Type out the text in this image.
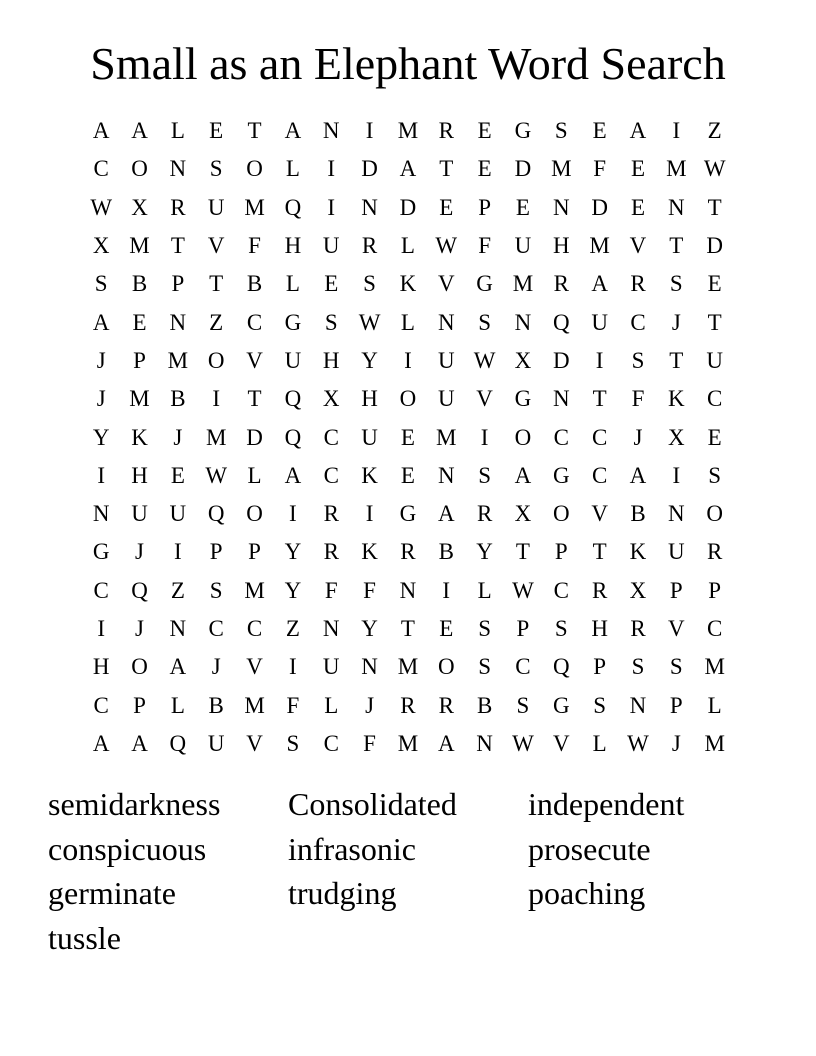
Small as an Elephant Word Search
A A	L	E	T	A N	I	M R	E	G	S	E	A	I	Z
C O N	S	O	L	I	D A	T	E	D M F	E M W
W X R U M Q	I	N D	E	P	E	N D	E	N	T
X M T	V	F	H U R	L W F	U H M V	T	D
S	B	P	T	B	L	E	S	K V G M R A R	S	E
A	E	N	Z	C G	S W L	N	S	N Q U C	J	T
J	P M O V U H Y	I	U W X D	I	S	T	U
J	M B	I	T	Q X H O U V G N	T	F	K C
Y K	J	M D Q C U	E M	I	O C	C	J	X	E
I	H	E W L	A C K	E	N	S	A G C A	I	S
N U U Q O	I	R	I	G A R X O V B N O
G	J	I	P	P	Y R K R	B Y	T	P	T	K U R
C Q	Z	S M Y	F	F	N	I	L W C	R X	P	P
I	J	N C	C	Z	N Y	T	E	S	P	S	H R V C
H O A	J	V	I	U N M O	S	C Q	P	S	S M
C	P	L	B M F	L	J	R	R	B	S	G	S	N	P	L
A A Q U V	S	C	F M A N W V	L W	J	M
semidarkness	Consolidated	independent
conspicuous	infrasonic	prosecute
germinate	trudging	poaching
tussle
